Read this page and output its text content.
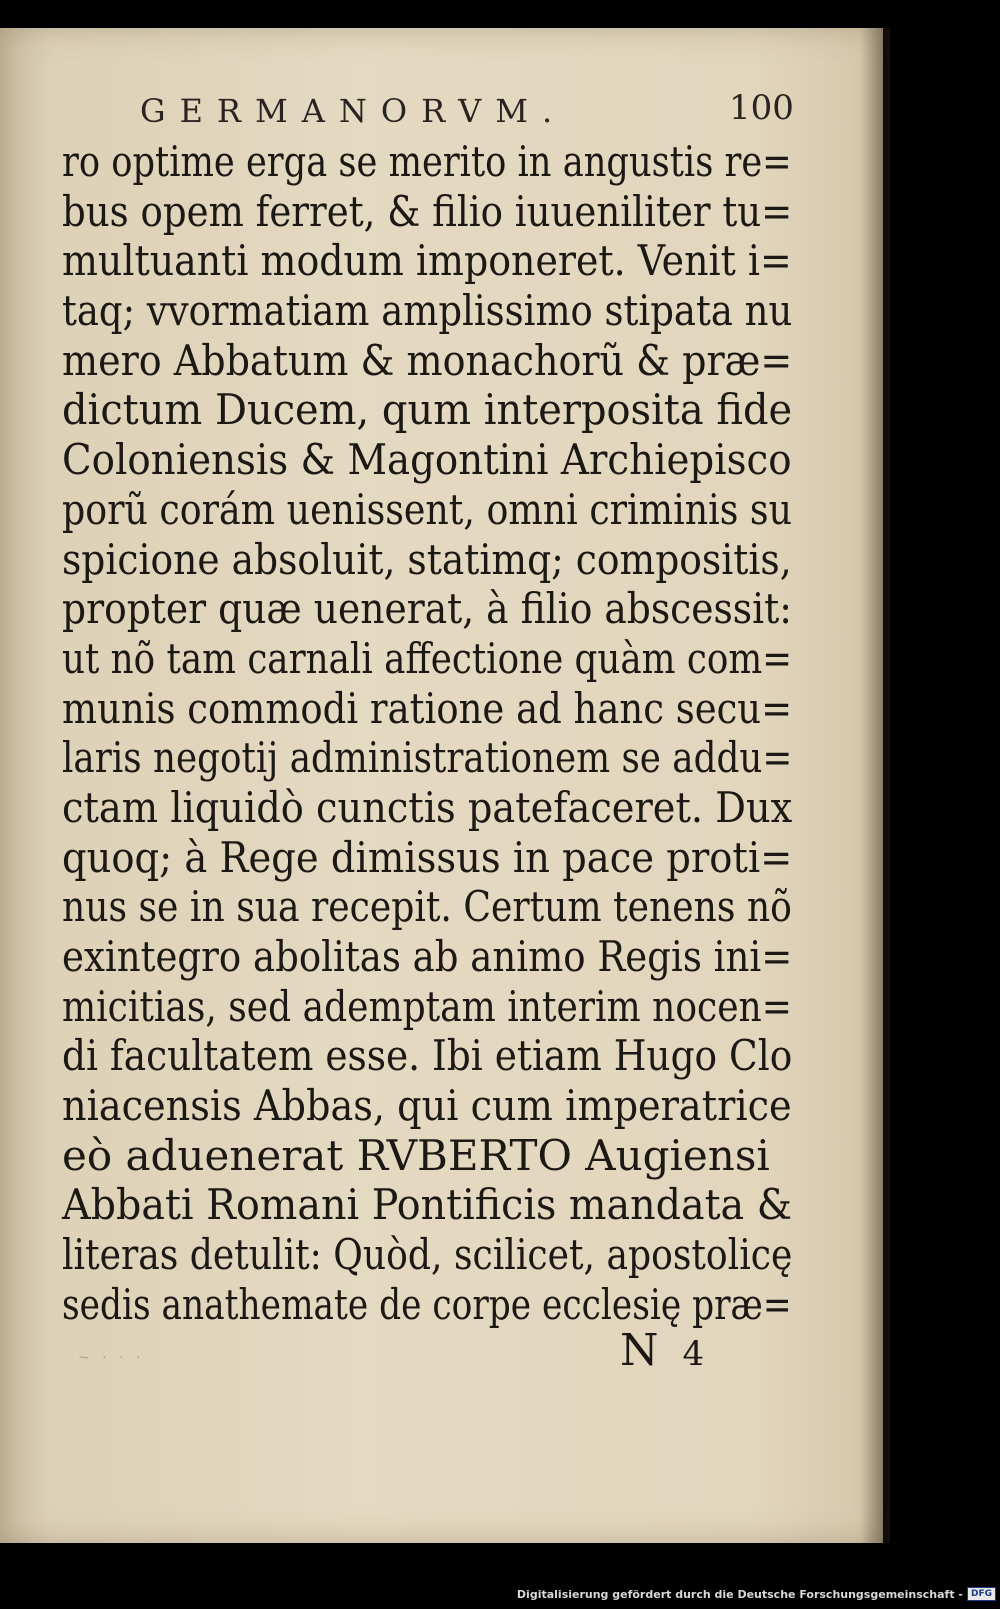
GERMANORVM.	100
ro optime erga se merito in angustis re=
bus opem ferret, & filio iuueniliter tu=
multuanti modum imponeret. Venit i=
taq; vvormatiam amplissimo stipata nu
mero Abbatum & monachorũ & præ=
dictum Ducem, qum interposita fide
Coloniensis & Magontini Archiepisco
porũ corám uenissent, omni criminis su
spicione absoluit, statimq; compositis,
propter quæ uenerat, à filio abscessit:
ut nõ tam carnali affectione quàm com=
munis commodi ratione ad hanc secu=
laris negotij administrationem se addu=
ctam liquidò cunctis patefaceret. Dux
quoq; à Rege dimissus in pace proti=
nus se in sua recepit. Certum tenens nõ
exintegro abolitas ab animo Regis ini=
micitias, sed ademptam interim nocen=
di facultatem esse. Ibi etiam Hugo Clo
niacensis Abbas, qui cum imperatrice
eò aduenerat RVBERTO Augiensi
Abbati Romani Pontificis mandata &
literas detulit: Quòd, scilicet, apostolicę
sedis anathemate de corpe ecclesię præ=
~ · · ·	N 4
Digitalisierung gefördert durch die Deutsche Forschungsgemeinschaft - DFG
